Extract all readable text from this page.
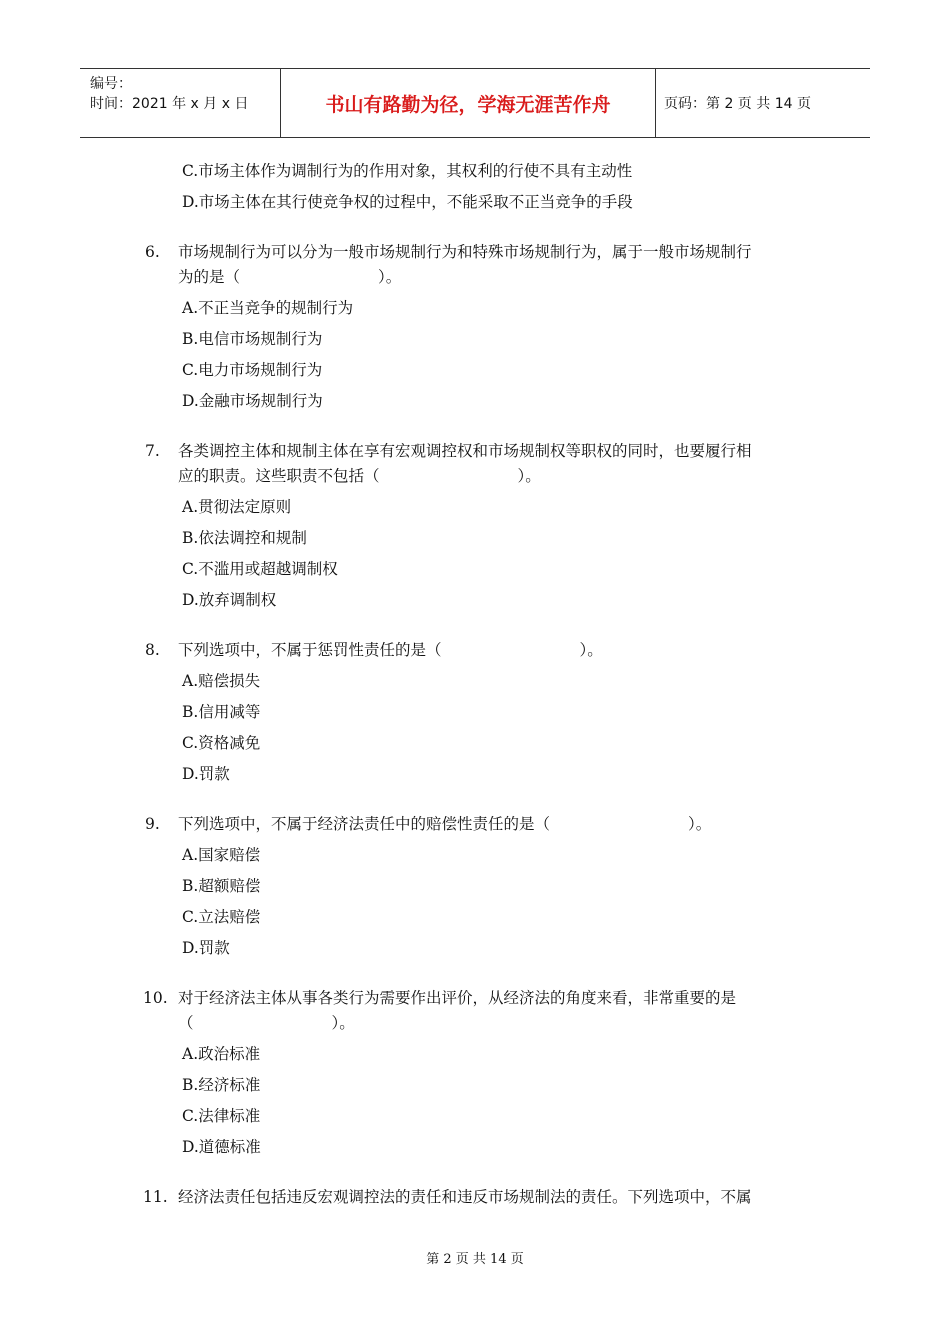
编号：
时间：2021 年 x 月 x 日	书山有路勤为径，学海无涯苦作舟	页码：第 2 页 共 14 页
C.市场主体作为调制行为的作用对象，其权利的行使不具有主动性
D.市场主体在其行使竞争权的过程中，不能采取不正当竞争的手段
6. 市场规制行为可以分为一般市场规制行为和特殊市场规制行为，属于一般市场规制行
为的是（	）。
A.不正当竞争的规制行为
B.电信市场规制行为
C.电力市场规制行为
D.金融市场规制行为
7. 各类调控主体和规制主体在享有宏观调控权和市场规制权等职权的同时，也要履行相
应的职责。这些职责不包括（	）。
A.贯彻法定原则
B.依法调控和规制
C.不滥用或超越调制权
D.放弃调制权
8. 下列选项中，不属于惩罚性责任的是（	）。
A.赔偿损失
B.信用减等
C.资格减免
D.罚款
9. 下列选项中，不属于经济法责任中的赔偿性责任的是（	）。
A.国家赔偿
B.超额赔偿
C.立法赔偿
D.罚款
10. 对于经济法主体从事各类行为需要作出评价，从经济法的角度来看，非常重要的是
（	）。
A.政治标准
B.经济标准
C.法律标准
D.道德标准
11. 经济法责任包括违反宏观调控法的责任和违反市场规制法的责任。下列选项中，不属
第 2 页 共 14 页
